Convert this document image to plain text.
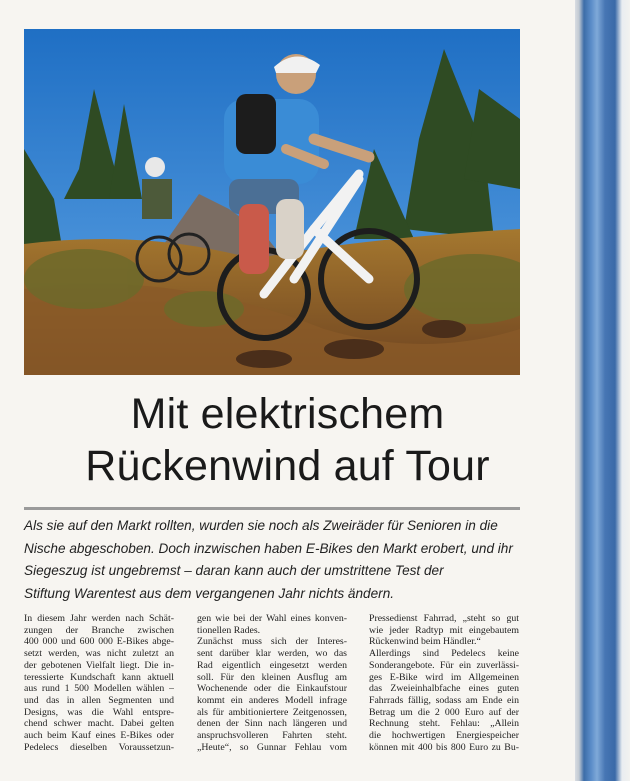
Mit elektrischem
Rückenwind auf Tour

Als sie auf den Markt rollten, wurden sie noch als Zweiräder für Senioren in die
Nische abgeschoben. Doch inzwischen haben E-Bikes den Markt erobert, und ihr
Siegeszug ist ungebremst – daran kann auch der umstrittene Test der
Stiftung Warentest aus dem vergangenen Jahr nichts ändern.

In diesem Jahr werden nach Schät-
zungen der Branche zwischen
400 000 und 600 000 E-Bikes abge-
setzt werden, was nicht zuletzt an
der gebotenen Vielfalt liegt. Die in-
teressierte Kundschaft kann aktuell
aus rund 1 500 Modellen wählen –
und das in allen Segmenten und
Designs, was die Wahl entspre-
chend schwer macht. Dabei gelten
auch beim Kauf eines E-Bikes oder
Pedelecs dieselben Voraussetzun-
gen wie bei der Wahl eines konven-
tionellen Rades.
Zunächst muss sich der Interes-
sent darüber klar werden, wo das
Rad eigentlich eingesetzt werden
soll. Für den kleinen Ausflug am
Wochenende oder die Einkaufstour
kommt ein anderes Modell infrage
als für ambitioniertere Zeitgenossen,
denen der Sinn nach längeren und
anspruchsvolleren Fahrten steht.
„Heute“, so Gunnar Fehlau vom
Pressedienst Fahrrad, „steht so gut
wie jeder Radtyp mit eingebautem
Rückenwind beim Händler.“
Allerdings sind Pedelecs keine
Sonderangebote. Für ein zuverlässi-
ges E-Bike wird im Allgemeinen
das Zweieinhalbfache eines guten
Fahrrads fällig, sodass am Ende ein
Betrag um die 2 000 Euro auf der
Rechnung steht. Fehlau: „Allein
die hochwertigen Energiespeicher
können mit 400 bis 800 Euro zu Bu-
